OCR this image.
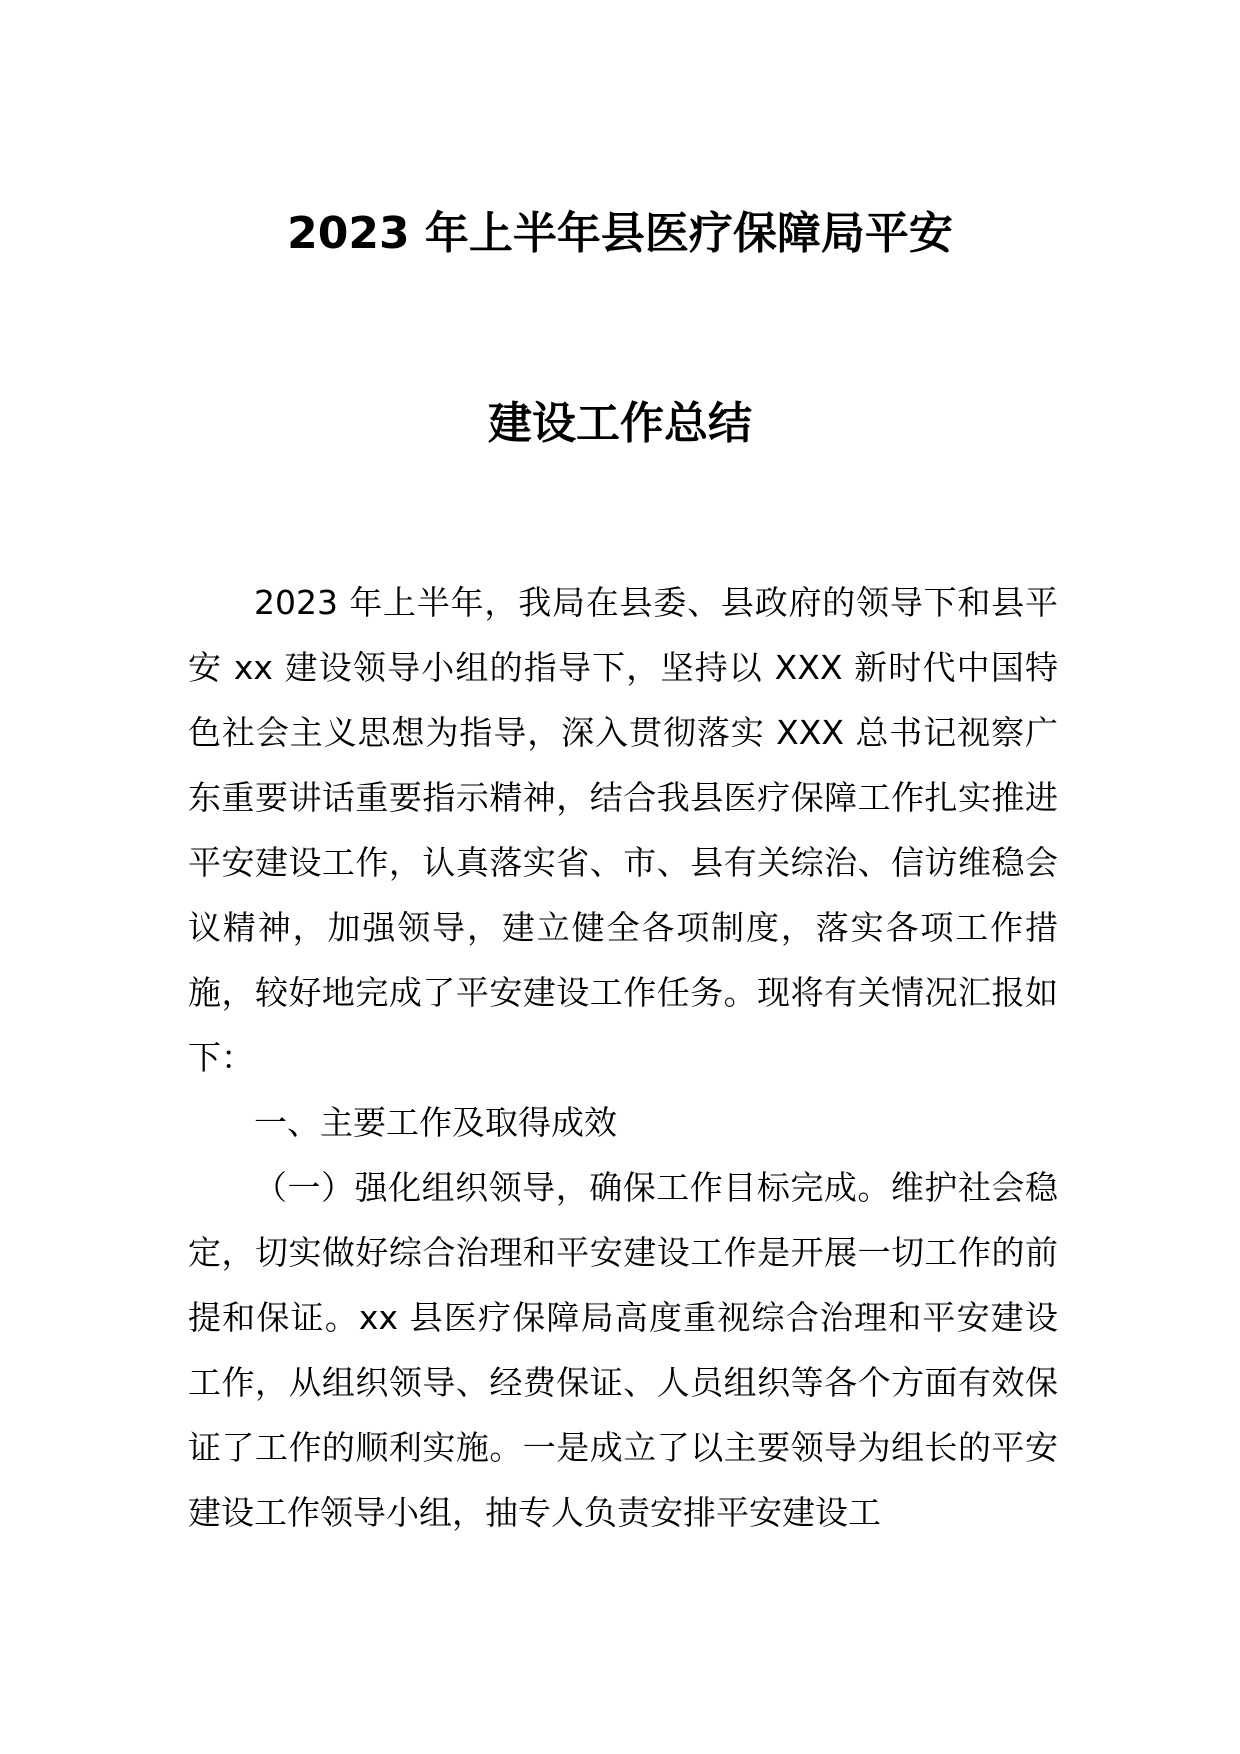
2023 年上半年县医疗保障局平安
建设工作总结

2023 年上半年，我局在县委、县政府的领导下和县平安 xx 建设领导小组的指导下，坚持以 XXX 新时代中国特色社会主义思想为指导，深入贯彻落实 XXX 总书记视察广东重要讲话重要指示精神，结合我县医疗保障工作扎实推进平安建设工作，认真落实省、市、县有关综治、信访维稳会议精神，加强领导，建立健全各项制度，落实各项工作措施，较好地完成了平安建设工作任务。现将有关情况汇报如下：

一、主要工作及取得成效

（一）强化组织领导，确保工作目标完成。维护社会稳定，切实做好综合治理和平安建设工作是开展一切工作的前提和保证。xx 县医疗保障局高度重视综合治理和平安建设工作，从组织领导、经费保证、人员组织等各个方面有效保证了工作的顺利实施。一是成立了以主要领导为组长的平安建设工作领导小组，抽专人负责安排平安建设工
